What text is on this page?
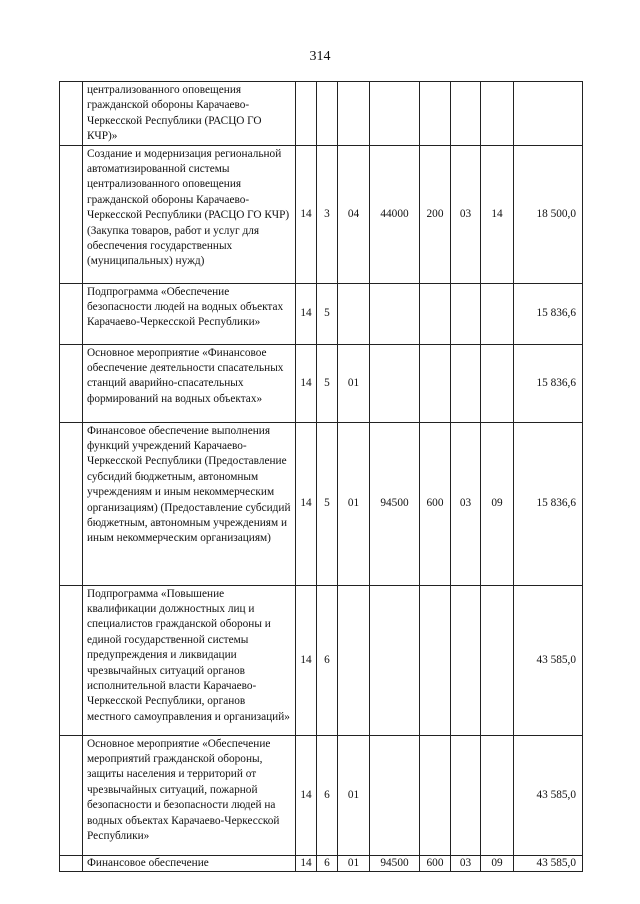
314
	централизованного оповещения гражданской обороны Карачаево-Черкесской Республики (РАСЦО ГО КЧР)»								
	Создание и модернизация региональной автоматизированной системы централизованного оповещения гражданской обороны Карачаево-Черкесской Республики (РАСЦО ГО КЧР) (Закупка товаров, работ и услуг для обеспечения государственных (муниципальных) нужд)	14	3	04	44000	200	03	14	18 500,0
	Подпрограмма «Обеспечение безопасности людей на водных объектах Карачаево-Черкесской Республики»	14	5						15 836,6
	Основное мероприятие «Финансовое обеспечение деятельности спасательных станций аварийно-спасательных формирований на водных объектах»	14	5	01					15 836,6
	Финансовое обеспечение выполнения функций учреждений Карачаево-Черкесской Республики (Предоставление субсидий бюджетным, автономным учреждениям и иным некоммерческим организациям) (Предоставление субсидий бюджетным, автономным учреждениям и иным некоммерческим организациям)	14	5	01	94500	600	03	09	15 836,6
	Подпрограмма «Повышение квалификации должностных лиц и специалистов гражданской обороны и единой государственной системы предупреждения и ликвидации чрезвычайных ситуаций органов исполнительной власти Карачаево-Черкесской Республики, органов местного самоуправления и организаций»	14	6						43 585,0
	Основное мероприятие «Обеспечение мероприятий гражданской обороны, защиты населения и территорий от чрезвычайных ситуаций, пожарной безопасности и безопасности людей на водных объектах Карачаево-Черкесской Республики»	14	6	01					43 585,0
	Финансовое обеспечение	14	6	01	94500	600	03	09	43 585,0
